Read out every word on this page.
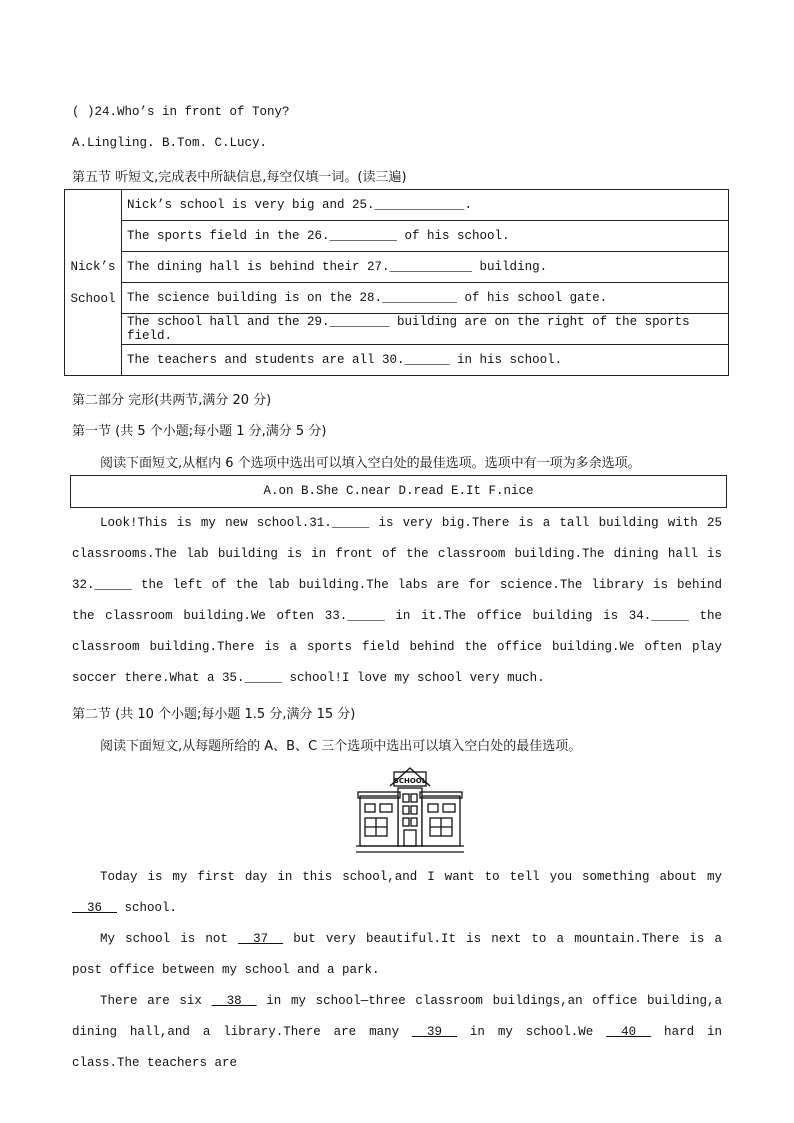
( )24.Who’s in front of Tony?
A.Lingling. B.Tom. C.Lucy.
第五节 听短文,完成表中所缺信息,每空仅填一词。(读三遍)
Nick’s
School	Nick’s school is very big and 25.____________.
The sports field in the 26._________ of his school.
The dining hall is behind their 27.___________ building.
The science building is on the 28.__________ of his school gate.
The school hall and the 29.________ building are on the right of the sports field.
The teachers and students are all 30.______ in his school.
第二部分 完形(共两节,满分 20 分)
第一节 (共 5 个小题;每小题 1 分,满分 5 分)
阅读下面短文,从框内 6 个选项中选出可以填入空白处的最佳选项。选项中有一项为多余选项。
A.on B.She C.near D.read E.It F.nice

Look!This is my new school.31._____ is very big.There is a tall building with 25 classrooms.The lab building is in front of the classroom building.The dining hall is 32._____ the left of the lab building.The labs are for science.The library is behind the classroom building.We often 33._____ in it.The office building is 34._____ the classroom building.There is a sports field behind the office building.We often play soccer there.What a 35._____ school!I love my school very much.

第二节 (共 10 个小题;每小题 1.5 分,满分 15 分)
阅读下面短文,从每题所给的 A、B、C 三个选项中选出可以填入空白处的最佳选项。
SCHOOL

Today is my first day in this school,and I want to tell you something about my __36__ school.

My school is not __37__ but very beautiful.It is next to a mountain.There is a post office between my school and a park.

There are six __38__ in my school—three classroom buildings,an office building,a dining hall,and a library.There are many __39__ in my school.We __40__ hard in class.The teachers are
